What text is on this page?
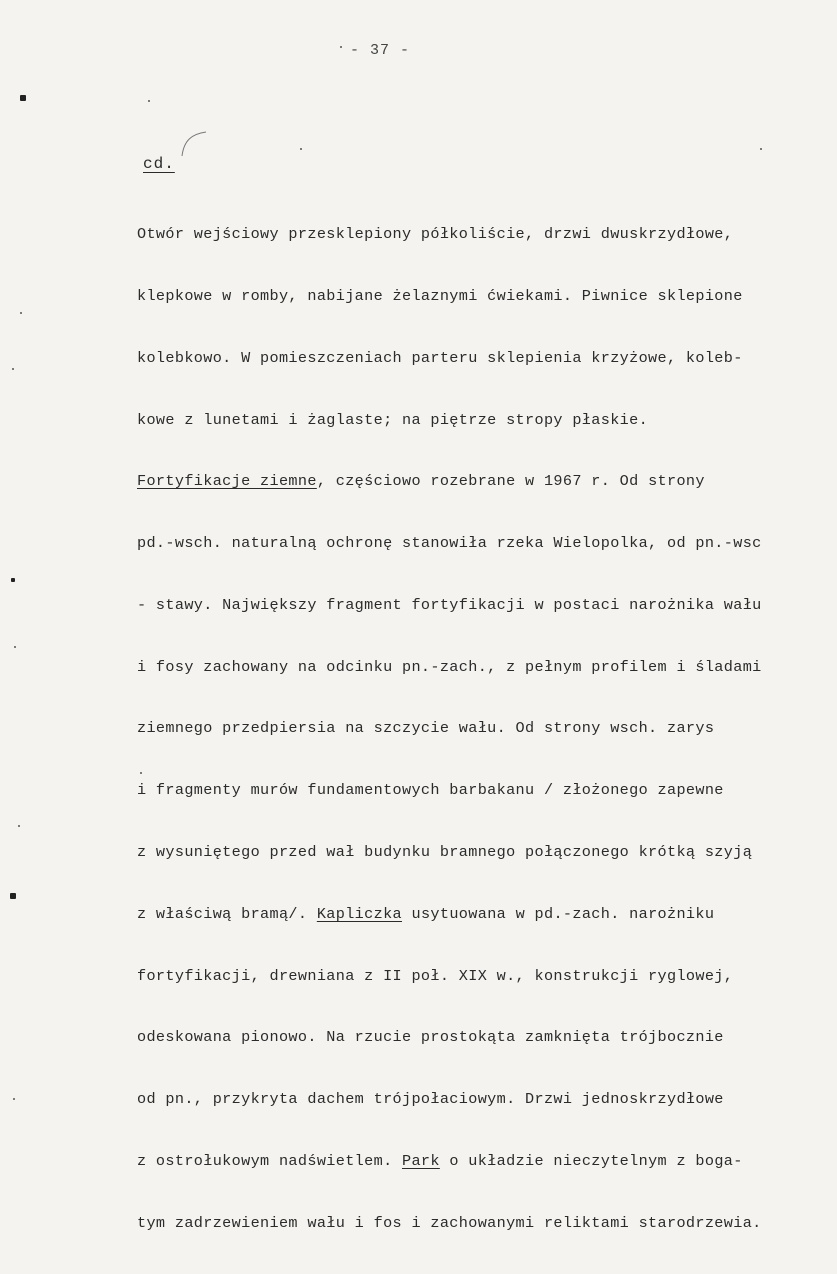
- 37 -
cd.

Otwór wejściowy przesklepiony półkoliście, drzwi dwuskrzydłowe,

klepkowe w romby, nabijane żelaznymi ćwiekami. Piwnice sklepione

kolebkowo. W pomieszczeniach parteru sklepienia krzyżowe, koleb-

kowe z lunetami i żaglaste; na piętrze stropy płaskie.

Fortyfikacje ziemne, częściowo rozebrane w 1967 r. Od strony

pd.-wsch. naturalną ochronę stanowiła rzeka Wielopolka, od pn.-wsc

- stawy. Największy fragment fortyfikacji w postaci narożnika wału

i fosy zachowany na odcinku pn.-zach., z pełnym profilem i śladami

ziemnego przedpiersia na szczycie wału. Od strony wsch. zarys

i fragmenty murów fundamentowych barbakanu / złożonego zapewne

z wysuniętego przed wał budynku bramnego połączonego krótką szyją

z właściwą bramą/. Kapliczka usytuowana w pd.-zach. narożniku

fortyfikacji, drewniana z II poł. XIX w., konstrukcji ryglowej,

odeskowana pionowo. Na rzucie prostokąta zamknięta trójbocznie

od pn., przykryta dachem trójpołaciowym. Drzwi jednoskrzydłowe

z ostrołukowym nadświetlem. Park o układzie nieczytelnym z boga-

tym zadrzewieniem wału i fos i zachowanymi reliktami starodrzewia.
